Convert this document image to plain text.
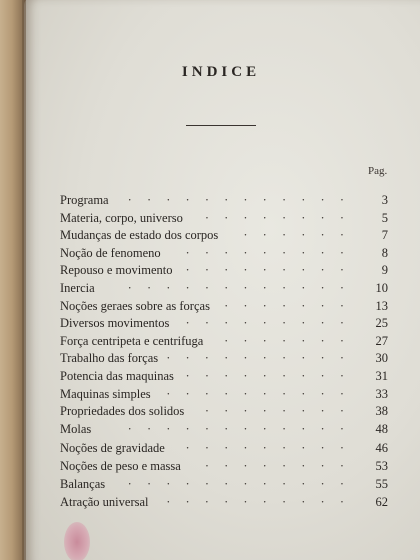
INDICE
Pag.
· · · · · · · · · · · ·
Programa	3
· · · · · · · ·
Materia, corpo, universo	5
· · · · · ·
Mudanças de estado dos corpos	7
· · · · · · · · ·
Noção de fenomeno	8
· · · · · · · · ·
Repouso e movimento	9
· · · · · · · · · · · ·
Inercia	10
· · · · · · ·
Noções geraes sobre as forças	13
· · · · · · · · ·
Diversos movimentos	25
· · · · · · ·
Força centripeta e centrifuga	27
· · · · · · · · · ·
Trabalho das forças	30
· · · · · · · · ·
Potencia das maquinas	31
· · · · · · · · · ·
Maquinas simples	33
· · · · · · · ·
Propriedades dos solidos	38
· · · · · · · · · · · ·
Molas	48
· · · · · · · · ·
Noções de gravidade	46
· · · · · · · ·
Noções de peso e massa	53
· · · · · · · · · · · ·
Balanças	55
· · · · · · · · · ·
Atração universal	62
